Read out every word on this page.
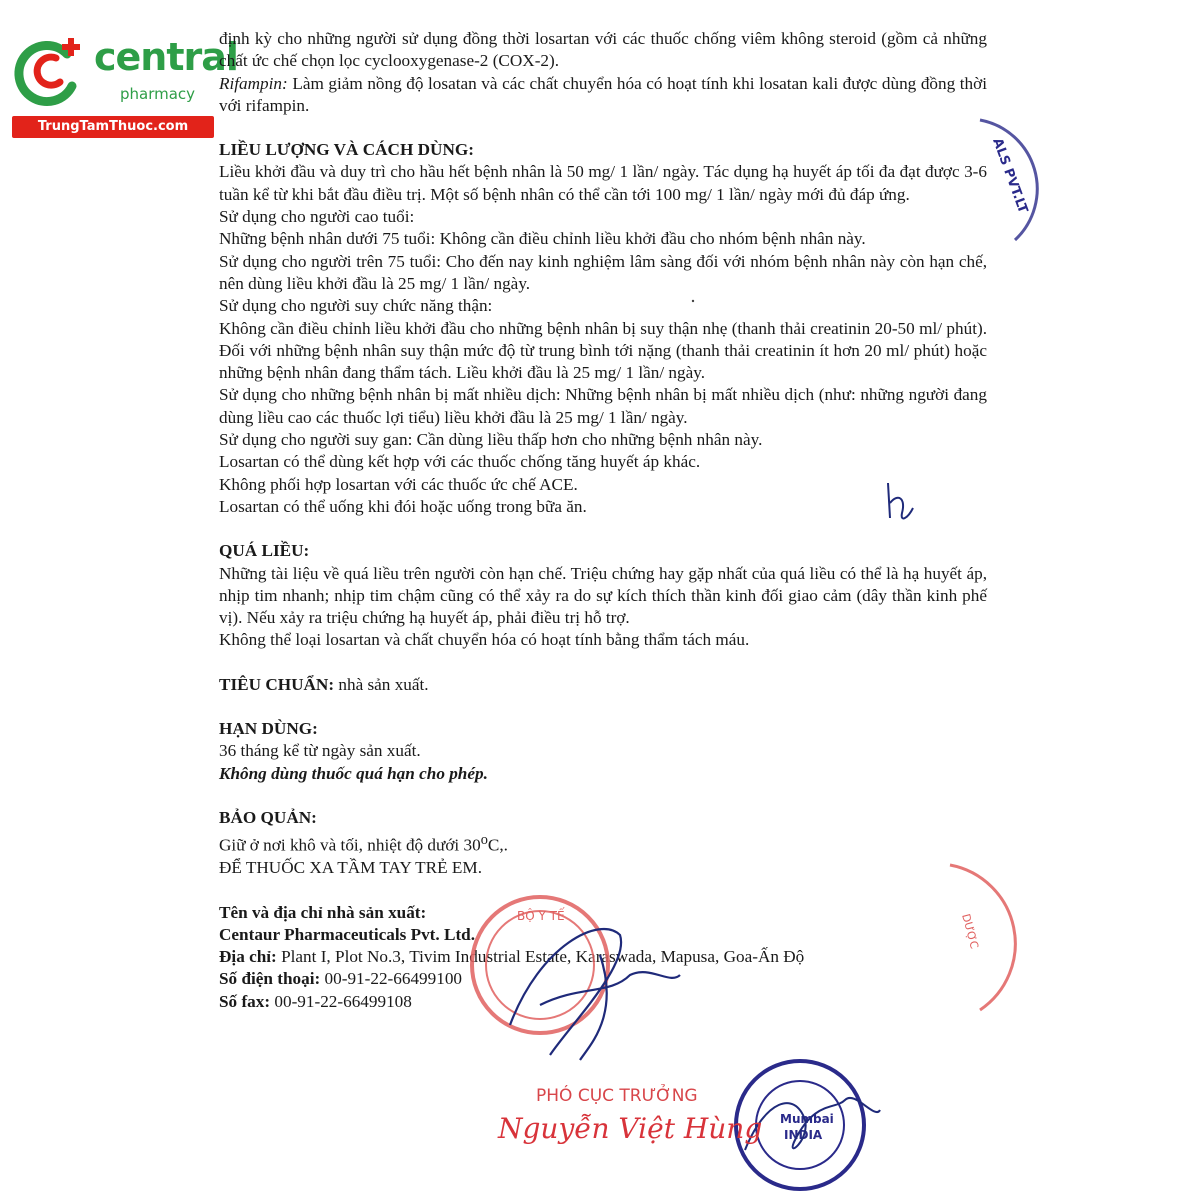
central
pharmacy
TrungTamThuoc.com

định kỳ cho những người sử dụng đồng thời losartan với các thuốc chống viêm không steroid (gồm cả những chất ức chế chọn lọc cyclooxygenase-2 (COX-2).

Rifampin: Làm giảm nồng độ losatan và các chất chuyển hóa có hoạt tính khi losatan kali được dùng đồng thời với rifampin.

LIỀU LƯỢNG VÀ CÁCH DÙNG:

Liều khởi đầu và duy trì cho hầu hết bệnh nhân là 50 mg/ 1 lần/ ngày. Tác dụng hạ huyết áp tối đa đạt được 3-6 tuần kể từ khi bắt đầu điều trị. Một số bệnh nhân có thể cần tới 100 mg/ 1 lần/ ngày mới đủ đáp ứng.

Sử dụng cho người cao tuổi:

Những bệnh nhân dưới 75 tuổi: Không cần điều chỉnh liều khởi đầu cho nhóm bệnh nhân này.

Sử dụng cho người trên 75 tuổi: Cho đến nay kinh nghiệm lâm sàng đối với nhóm bệnh nhân này còn hạn chế, nên dùng liều khởi đầu là 25 mg/ 1 lần/ ngày.

Sử dụng cho người suy chức năng thận:

Không cần điều chỉnh liều khởi đầu cho những bệnh nhân bị suy thận nhẹ (thanh thải creatinin 20-50 ml/ phút). Đối với những bệnh nhân suy thận mức độ từ trung bình tới nặng (thanh thải creatinin ít hơn 20 ml/ phút) hoặc những bệnh nhân đang thẩm tách. Liều khởi đầu là 25 mg/ 1 lần/ ngày.

Sử dụng cho những bệnh nhân bị mất nhiều dịch: Những bệnh nhân bị mất nhiều dịch (như: những người đang dùng liều cao các thuốc lợi tiểu) liều khởi đầu là 25 mg/ 1 lần/ ngày.

Sử dụng cho người suy gan: Cần dùng liều thấp hơn cho những bệnh nhân này.

Losartan có thể dùng kết hợp với các thuốc chống tăng huyết áp khác.

Không phối hợp losartan với các thuốc ức chế ACE.

Losartan có thể uống khi đói hoặc uống trong bữa ăn.

QUÁ LIỀU:

Những tài liệu về quá liều trên người còn hạn chế. Triệu chứng hay gặp nhất của quá liều có thể là hạ huyết áp, nhịp tim nhanh; nhịp tim chậm cũng có thể xảy ra do sự kích thích thần kinh đối giao cảm (dây thần kinh phế vị). Nếu xảy ra triệu chứng hạ huyết áp, phải điều trị hỗ trợ.

Không thể loại losartan và chất chuyển hóa có hoạt tính bằng thẩm tách máu.

TIÊU CHUẨN: nhà sản xuất.

HẠN DÙNG:

36 tháng kể từ ngày sản xuất.

Không dùng thuốc quá hạn cho phép.

BẢO QUẢN:

Giữ ở nơi khô và tối, nhiệt độ dưới 30$^o$C,.

ĐỂ THUỐC XA TẦM TAY TRẺ EM.

Tên và địa chỉ nhà sản xuất:

Centaur Pharmaceuticals Pvt. Ltd.

Địa chỉ: Plant I, Plot No.3, Tivim Industrial Estate, Karaswada, Mapusa, Goa-Ấn Độ

Số điện thoại: 00-91-22-66499100

Số fax: 00-91-22-66499108

ALS PVT.LT
BỘ Y TẾ	DƯỢC
Mumbai
INDIA
PHÓ CỤC TRƯỞNG
Nguyễn Việt Hùng
